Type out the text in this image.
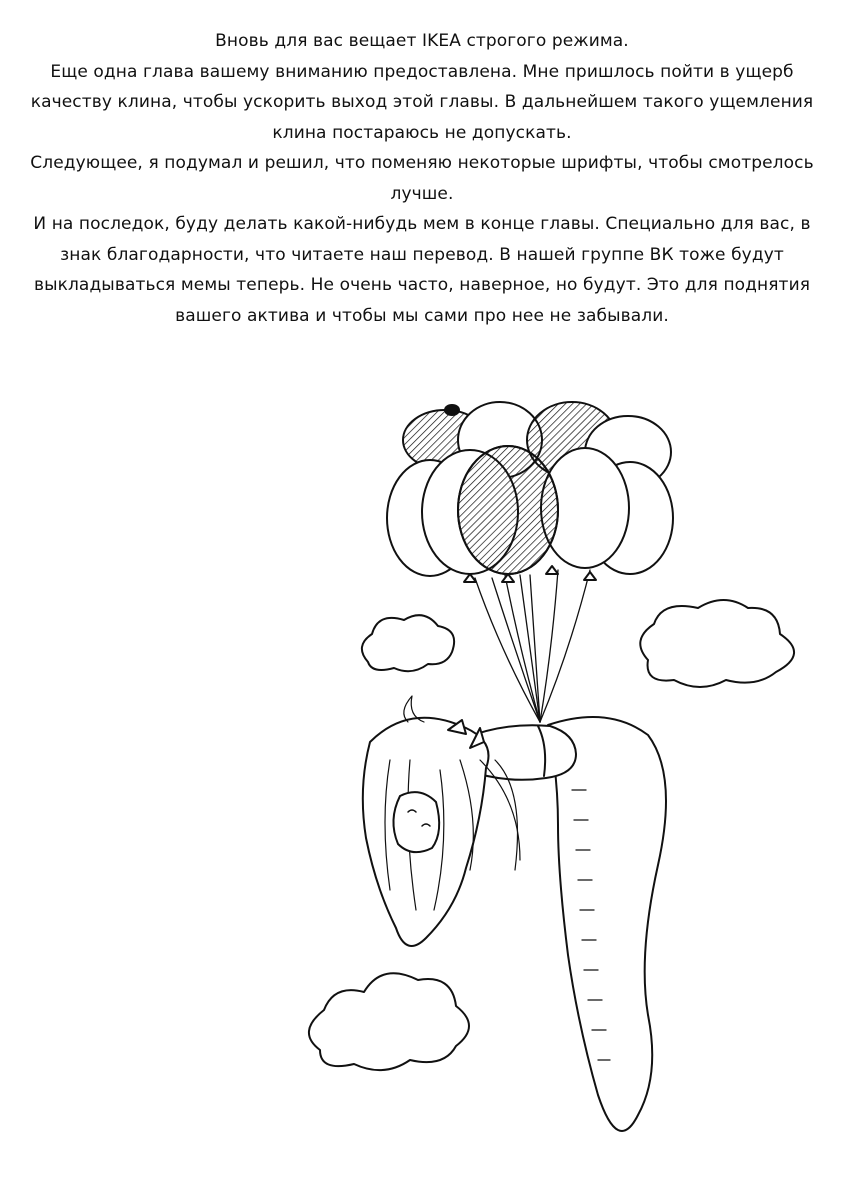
Вновь для вас вещает IKEA строгого режима.

Еще одна глава вашему вниманию предоставлена. Мне пришлось пойти в ущерб качеству клина, чтобы ускорить выход этой главы. В дальнейшем такого ущемления клина постараюсь не допускать.

Следующее, я подумал и решил, что поменяю некоторые шрифты, чтобы смотрелось лучше.

И на последок, буду делать какой-нибудь мем в конце главы. Специально для вас, в знак благодарности, что читаете наш перевод. В нашей группе ВК тоже будут выкладываться мемы теперь. Не очень часто, наверное, но будут. Это для поднятия вашего актива и чтобы мы сами про нее не забывали.
